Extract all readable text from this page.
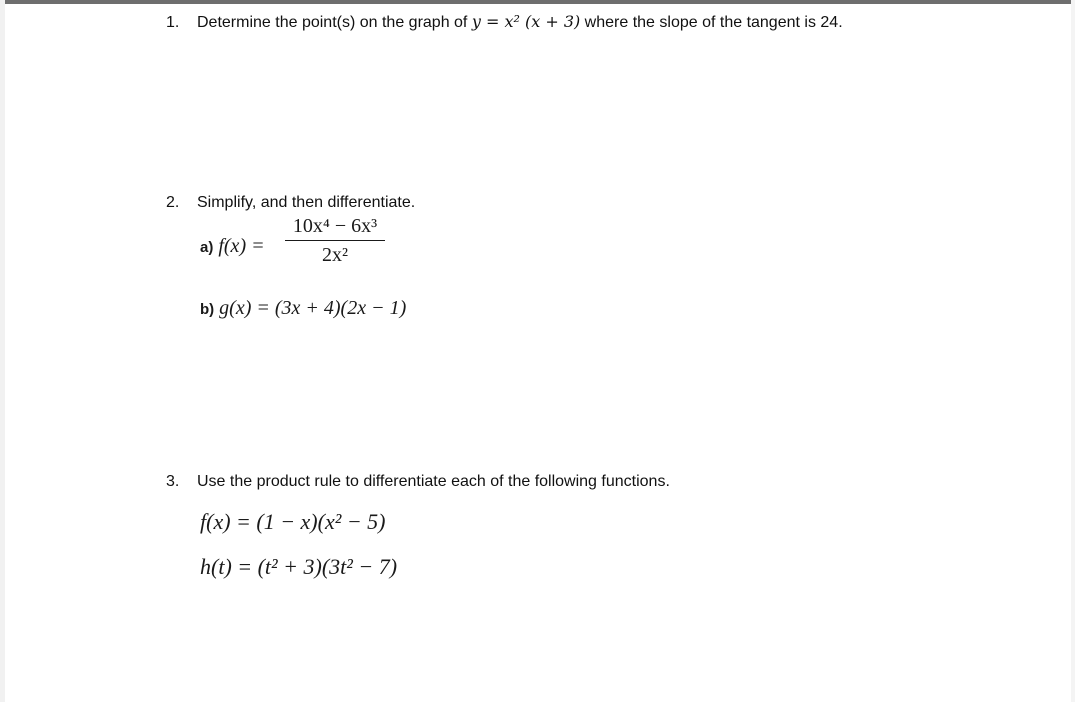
1. Determine the point(s) on the graph of y = x² (x + 3) where the slope of the tangent is 24.
2. Simplify, and then differentiate.
a) f(x) =
10x⁴ − 6x³
2x²
b) g(x) = (3x + 4)(2x − 1)
3. Use the product rule to differentiate each of the following functions.
f(x) = (1 − x)(x² − 5)
h(t) = (t² + 3)(3t² − 7)
